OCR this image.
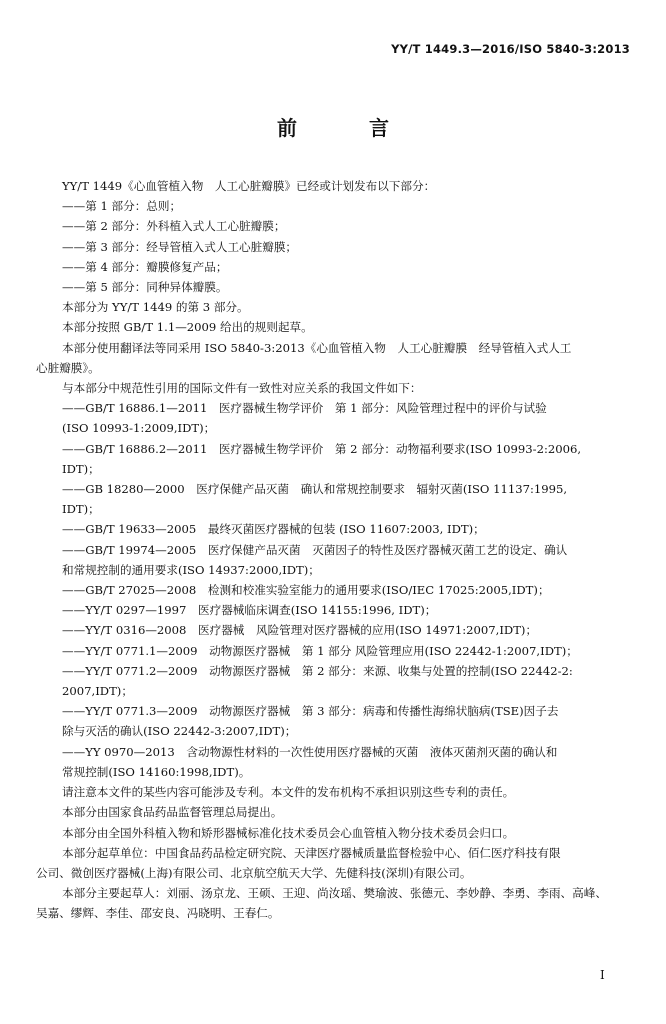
YY/T 1449.3—2016/ISO 5840-3:2013
前　言

YY/T 1449《心血管植入物　人工心脏瓣膜》已经或计划发布以下部分：

——第 1 部分：总则；

——第 2 部分：外科植入式人工心脏瓣膜；

——第 3 部分：经导管植入式人工心脏瓣膜；

——第 4 部分：瓣膜修复产品；

——第 5 部分：同种异体瓣膜。

本部分为 YY/T 1449 的第 3 部分。

本部分按照 GB/T 1.1—2009 给出的规则起草。

本部分使用翻译法等同采用 ISO 5840-3:2013《心血管植入物　人工心脏瓣膜　经导管植入式人工
心脏瓣膜》。

与本部分中规范性引用的国际文件有一致性对应关系的我国文件如下：

——GB/T 16886.1—2011　医疗器械生物学评价　第 1 部分：风险管理过程中的评价与试验
(ISO 10993-1:2009,IDT)；

——GB/T 16886.2—2011　医疗器械生物学评价　第 2 部分：动物福利要求(ISO 10993-2:2006,
IDT)；

——GB 18280—2000　医疗保健产品灭菌　确认和常规控制要求　辐射灭菌(ISO 11137:1995,
IDT)；

——GB/T 19633—2005　最终灭菌医疗器械的包装 (ISO 11607:2003, IDT)；

——GB/T 19974—2005　医疗保健产品灭菌　灭菌因子的特性及医疗器械灭菌工艺的设定、确认
和常规控制的通用要求(ISO 14937:2000,IDT)；

——GB/T 27025—2008　检测和校准实验室能力的通用要求(ISO/IEC 17025:2005,IDT)；

——YY/T 0297—1997　医疗器械临床调查(ISO 14155:1996, IDT)；

——YY/T 0316—2008　医疗器械　风险管理对医疗器械的应用(ISO 14971:2007,IDT)；

——YY/T 0771.1—2009　动物源医疗器械　第 1 部分 风险管理应用(ISO 22442-1:2007,IDT)；

——YY/T 0771.2—2009　动物源医疗器械　第 2 部分：来源、收集与处置的控制(ISO 22442-2:
2007,IDT)；

——YY/T 0771.3—2009　动物源医疗器械　第 3 部分：病毒和传播性海绵状脑病(TSE)因子去
除与灭活的确认(ISO 22442-3:2007,IDT)；

——YY 0970—2013　含动物源性材料的一次性使用医疗器械的灭菌　液体灭菌剂灭菌的确认和
常规控制(ISO 14160:1998,IDT)。

请注意本文件的某些内容可能涉及专利。本文件的发布机构不承担识别这些专利的责任。

本部分由国家食品药品监督管理总局提出。

本部分由全国外科植入物和矫形器械标准化技术委员会心血管植入物分技术委员会归口。

本部分起草单位：中国食品药品检定研究院、天津医疗器械质量监督检验中心、佰仁医疗科技有限
公司、微创医疗器械(上海)有限公司、北京航空航天大学、先健科技(深圳)有限公司。

本部分主要起草人：刘丽、汤京龙、王硕、王迎、尚汝瑶、樊瑜波、张德元、李妙静、李勇、李雨、高峰、
吴嘉、缪辉、李佳、邵安良、冯晓明、王春仁。

I
